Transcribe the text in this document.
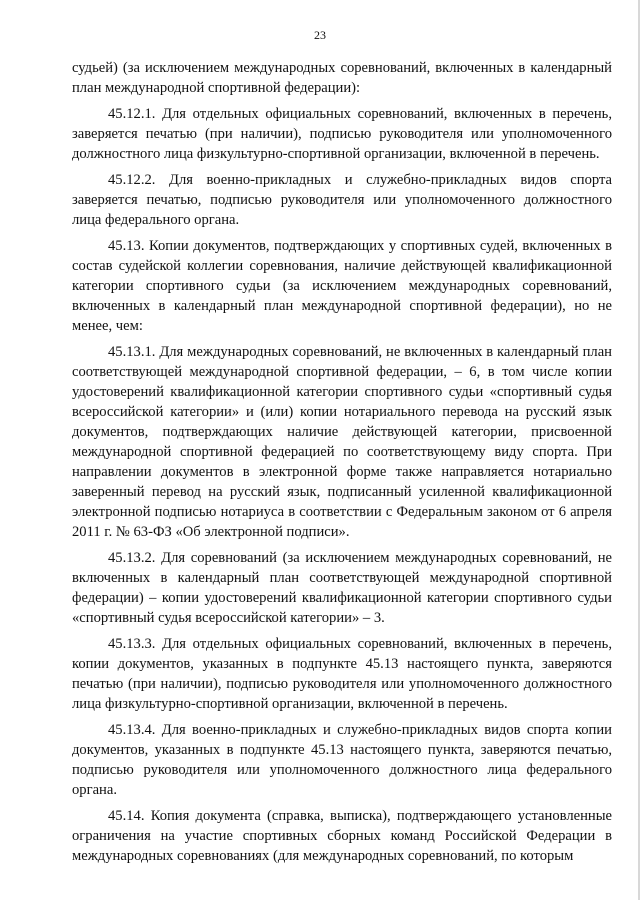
23

судьей) (за исключением международных соревнований, включенных в календарный план международной спортивной федерации):

45.12.1. Для отдельных официальных соревнований, включенных в перечень, заверяется печатью (при наличии), подписью руководителя или уполномоченного должностного лица физкультурно-спортивной организации, включенной в перечень.

45.12.2. Для военно-прикладных и служебно-прикладных видов спорта заверяется печатью, подписью руководителя или уполномоченного должностного лица федерального органа.

45.13. Копии документов, подтверждающих у спортивных судей, включенных в состав судейской коллегии соревнования, наличие действующей квалификационной категории спортивного судьи (за исключением международных соревнований, включенных в календарный план международной спортивной федерации), но не менее, чем:

45.13.1. Для международных соревнований, не включенных в календарный план соответствующей международной спортивной федерации, – 6, в том числе копии удостоверений квалификационной категории спортивного судьи «спортивный судья всероссийской категории» и (или) копии нотариального перевода на русский язык документов, подтверждающих наличие действующей категории, присвоенной международной спортивной федерацией по соответствующему виду спорта. При направлении документов в электронной форме также направляется нотариально заверенный перевод на русский язык, подписанный усиленной квалификационной электронной подписью нотариуса в соответствии с Федеральным законом от 6 апреля 2011 г. № 63-ФЗ «Об электронной подписи».

45.13.2. Для соревнований (за исключением международных соревнований, не включенных в календарный план соответствующей международной спортивной федерации) – копии удостоверений квалификационной категории спортивного судьи «спортивный судья всероссийской категории» – 3.

45.13.3. Для отдельных официальных соревнований, включенных в перечень, копии документов, указанных в подпункте 45.13 настоящего пункта, заверяются печатью (при наличии), подписью руководителя или уполномоченного должностного лица физкультурно-спортивной организации, включенной в перечень.

45.13.4. Для военно-прикладных и служебно-прикладных видов спорта копии документов, указанных в подпункте 45.13 настоящего пункта, заверяются печатью, подписью руководителя или уполномоченного должностного лица федерального органа.

45.14. Копия документа (справка, выписка), подтверждающего установленные ограничения на участие спортивных сборных команд Российской Федерации в международных соревнованиях (для международных соревнований, по которым
